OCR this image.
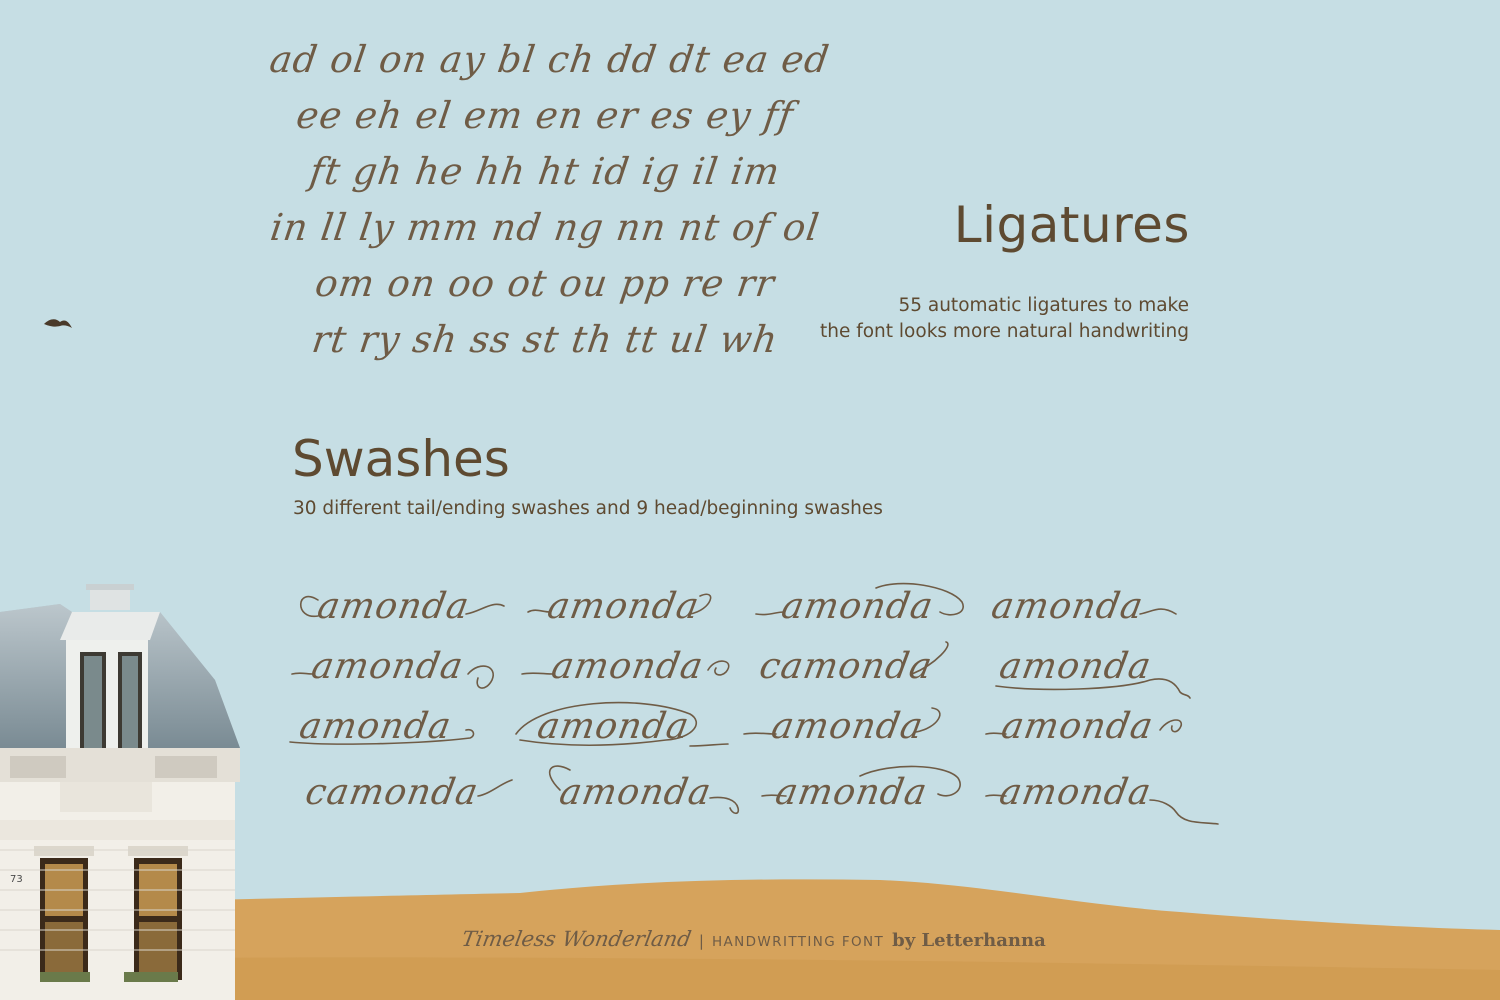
73
ad ol on ay bl ch dd dt ea ed
ee eh el em en er es ey ff
ft gh he hh ht id ig il im
in ll ly mm nd ng nn nt of ol
om on oo ot ou pp re rr
rt ry sh ss st th tt ul wh
Ligatures
55 automatic ligatures to make
the font looks more natural handwriting
Swashes
30 different tail/ending swashes and 9 head/beginning swashes
amonda amonda amonda amonda
amonda amonda camonda amonda
amonda amonda amonda amonda
camonda amonda amonda amonda
Timeless Wonderland | HANDWRITTING FONT by Letterhanna
